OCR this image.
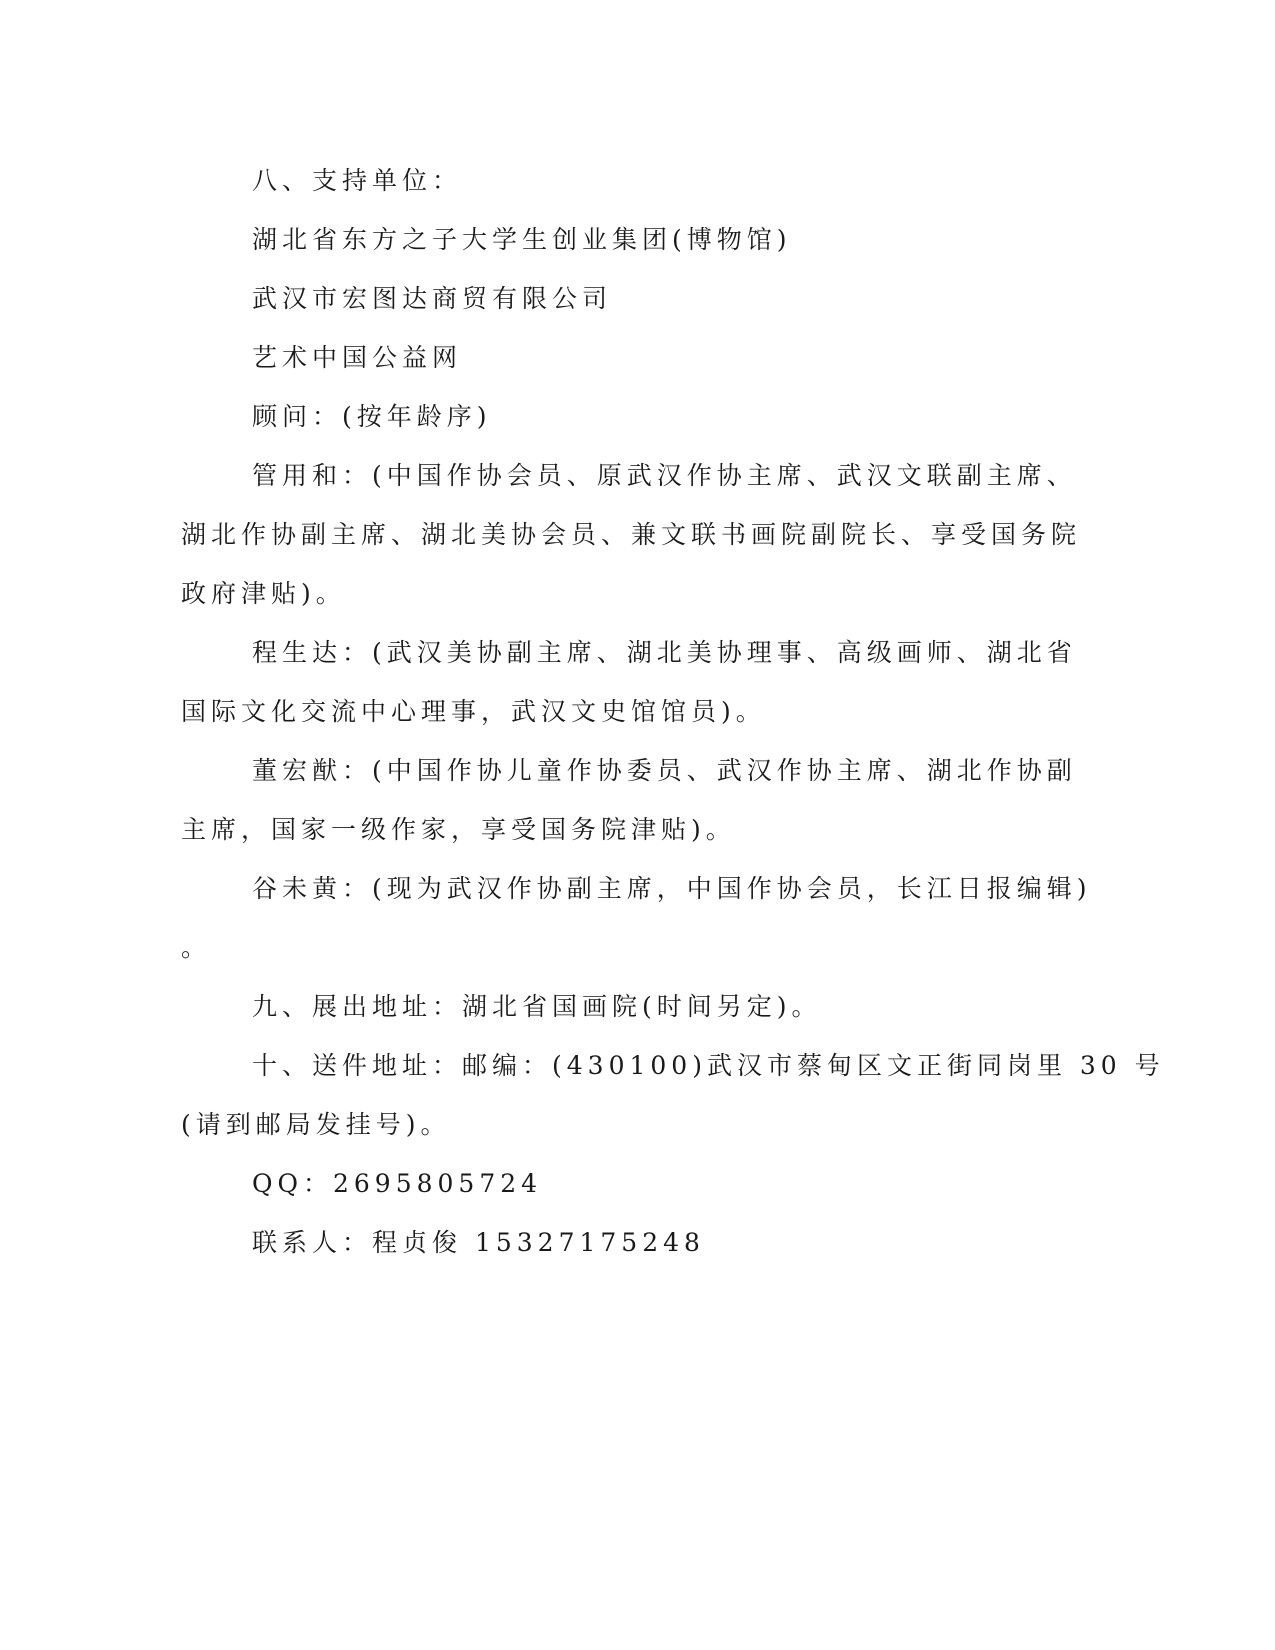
八、支持单位：
湖北省东方之子大学生创业集团(博物馆)
武汉市宏图达商贸有限公司
艺术中国公益网
顾问：(按年龄序)
管用和：(中国作协会员、原武汉作协主席、武汉文联副主席、
湖北作协副主席、湖北美协会员、兼文联书画院副院长、享受国务院
政府津贴)。
程生达：(武汉美协副主席、湖北美协理事、高级画师、湖北省
国际文化交流中心理事，武汉文史馆馆员)。
董宏猷：(中国作协儿童作协委员、武汉作协主席、湖北作协副
主席，国家一级作家，享受国务院津贴)。
谷未黄：(现为武汉作协副主席，中国作协会员，长江日报编辑)
。
九、展出地址：湖北省国画院(时间另定)。
十、送件地址：邮编：(430100)武汉市蔡甸区文正街同岗里 30 号
(请到邮局发挂号)。
QQ：2695805724
联系人：程贞俊 15327175248
